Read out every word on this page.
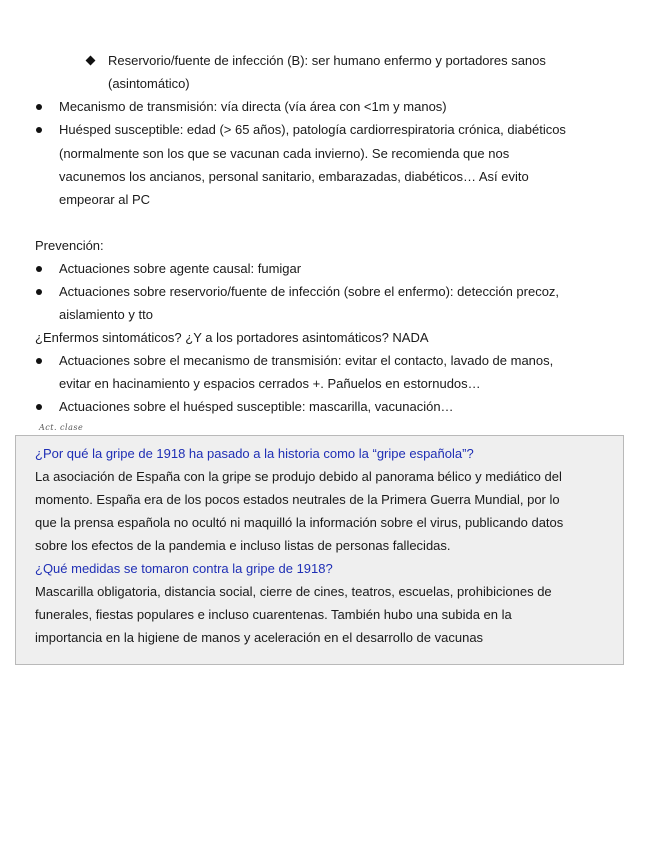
Reservorio/fuente de infección (B): ser humano enfermo y portadores sanos
(asintomático)
Mecanismo de transmisión: vía directa (vía área con <1m y manos)
Huésped susceptible: edad (> 65 años), patología cardiorrespiratoria crónica, diabéticos
(normalmente son los que se vacunan cada invierno). Se recomienda que nos
vacunemos los ancianos, personal sanitario, embarazadas, diabéticos… Así evito
empeorar al PC
Prevención:
Actuaciones sobre agente causal: fumigar
Actuaciones sobre reservorio/fuente de infección (sobre el enfermo): detección precoz,
aislamiento y tto
¿Enfermos sintomáticos? ¿Y a los portadores asintomáticos? NADA
Actuaciones sobre el mecanismo de transmisión: evitar el contacto, lavado de manos,
evitar en hacinamiento y espacios cerrados +. Pañuelos en estornudos…
Actuaciones sobre el huésped susceptible: mascarilla, vacunación…
Act. clase
¿Por qué la gripe de 1918 ha pasado a la historia como la “gripe española”?
La asociación de España con la gripe se produjo debido al panorama bélico y mediático del
momento. España era de los pocos estados neutrales de la Primera Guerra Mundial, por lo
que la prensa española no ocultó ni maquilló la información sobre el virus, publicando datos
sobre los efectos de la pandemia e incluso listas de personas fallecidas.
¿Qué medidas se tomaron contra la gripe de 1918?
Mascarilla obligatoria, distancia social, cierre de cines, teatros, escuelas, prohibiciones de
funerales, fiestas populares e incluso cuarentenas. También hubo una subida en la
importancia en la higiene de manos y aceleración en el desarrollo de vacunas
